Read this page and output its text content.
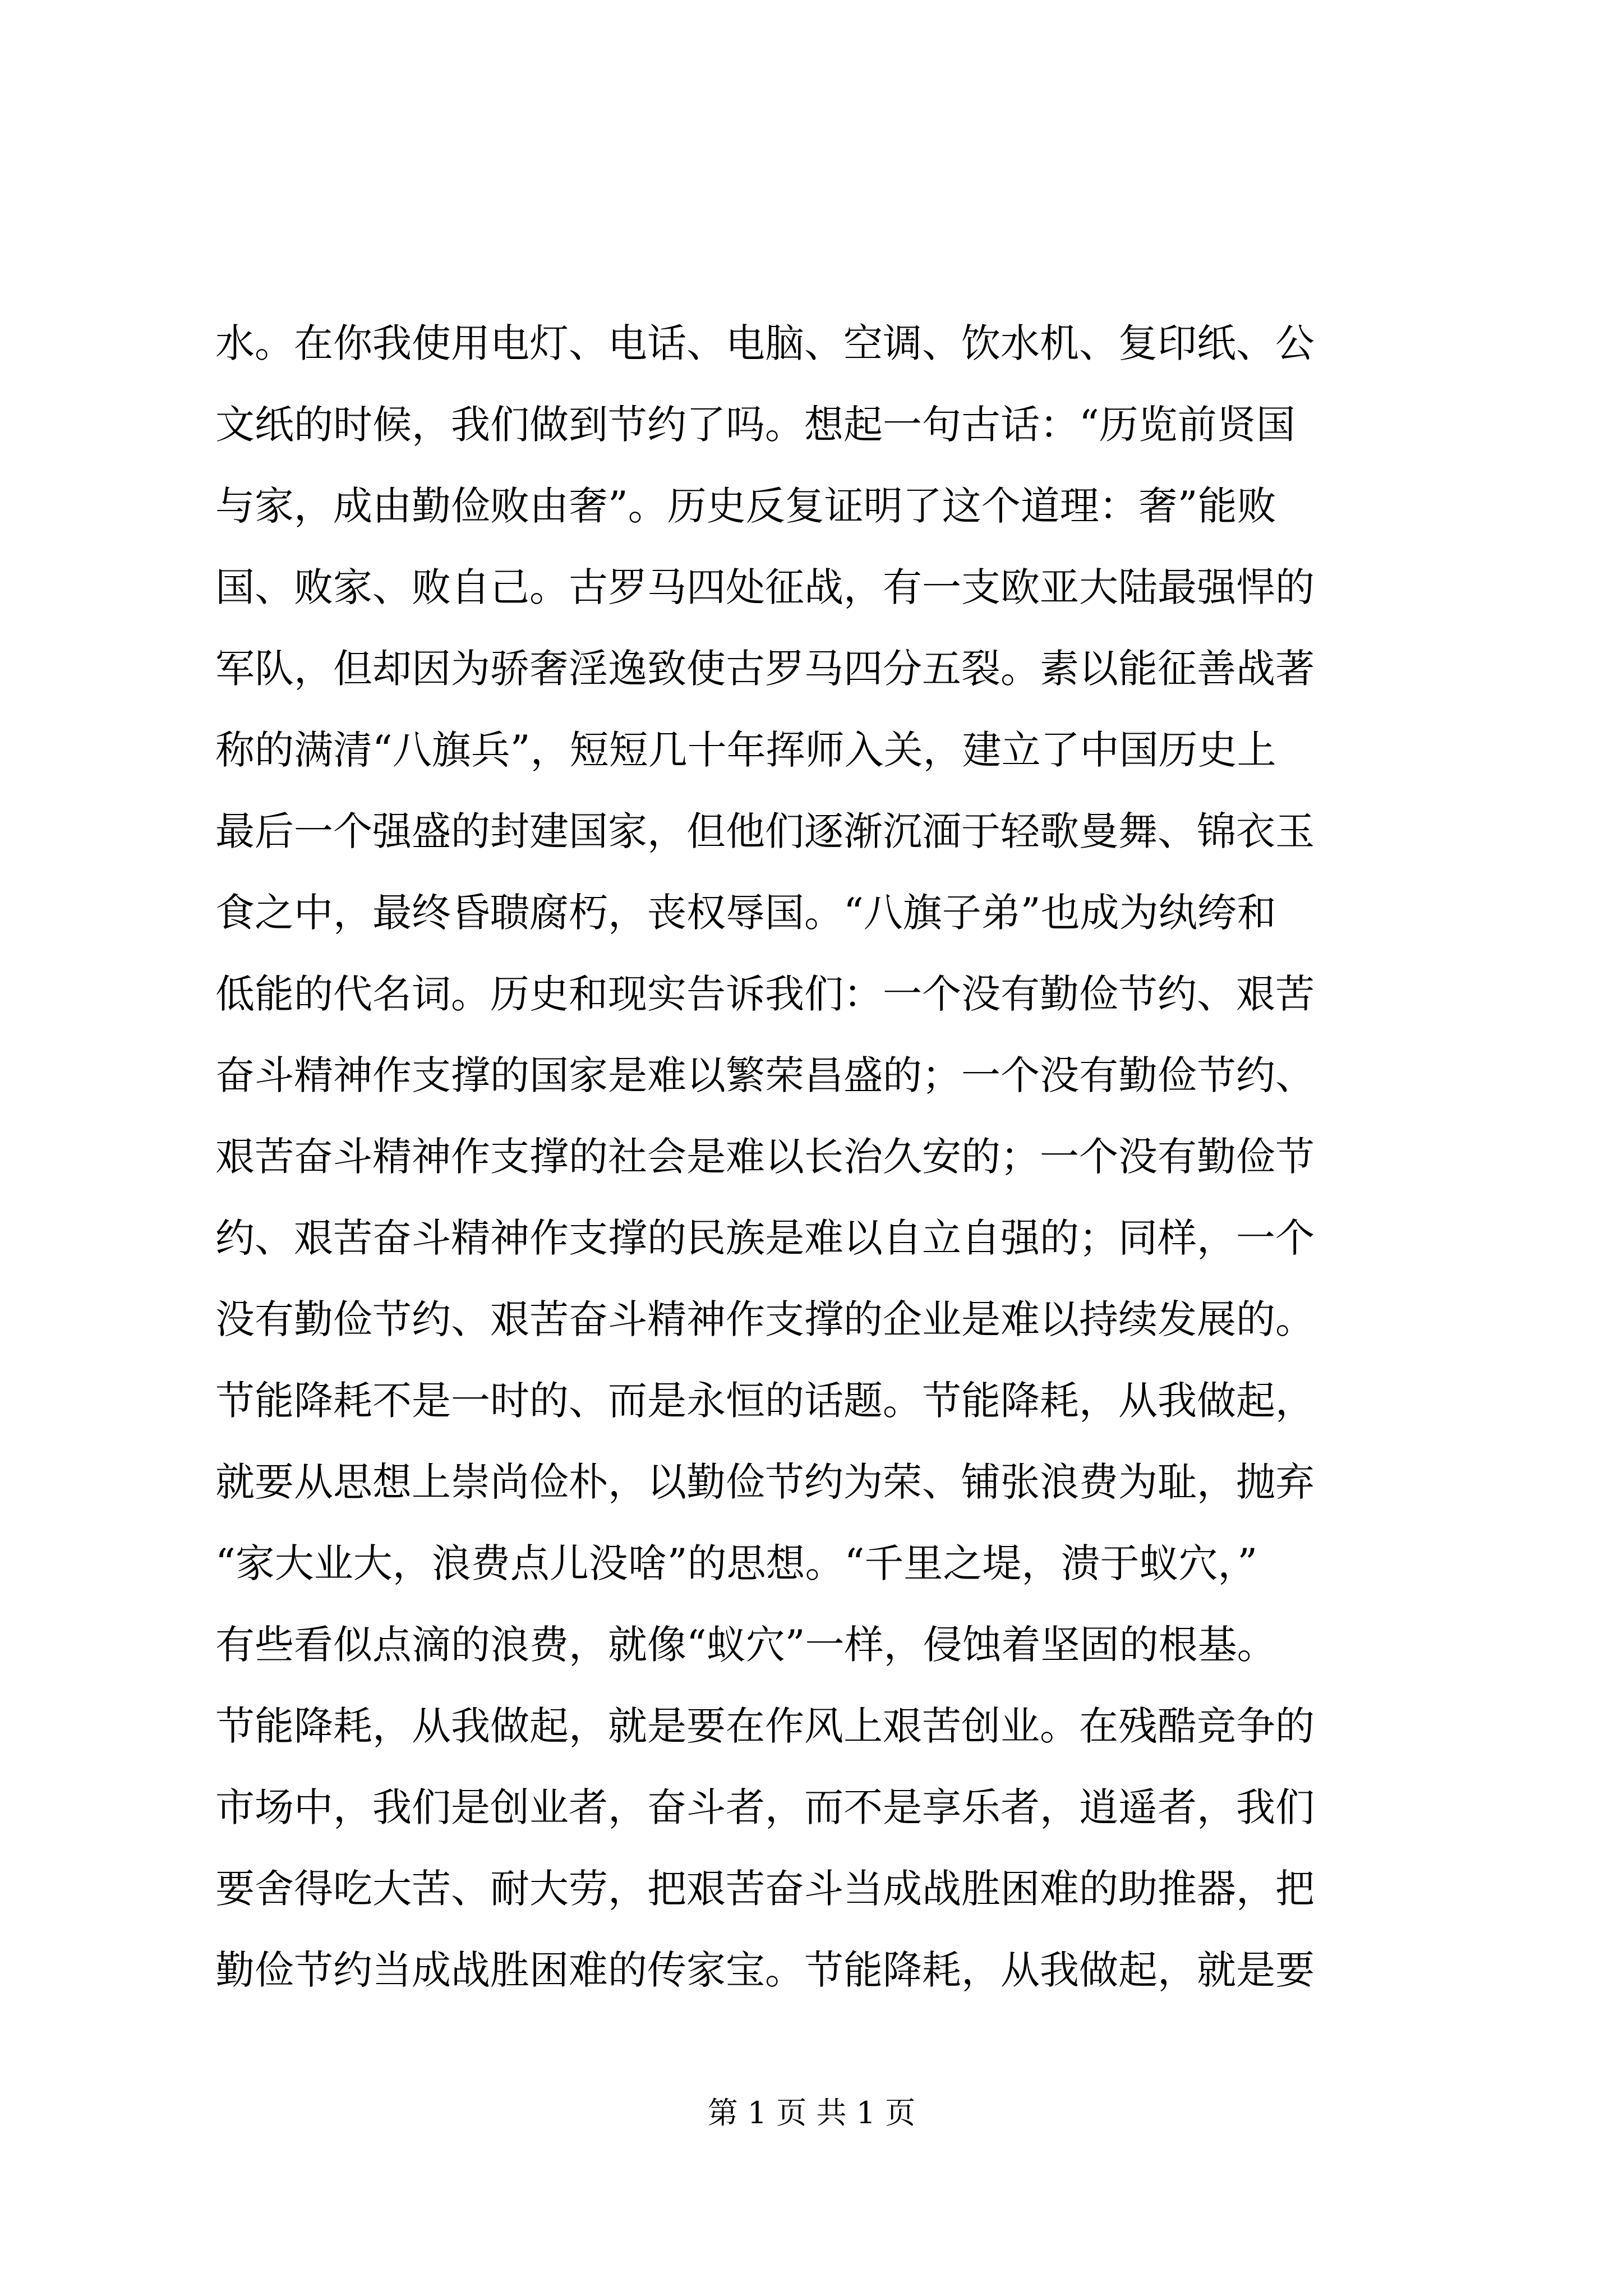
水。在你我使用电灯、电话、电脑、空调、饮水机、复印纸、公
文纸的时候，我们做到节约了吗。想起一句古话：“历览前贤国
与家，成由勤俭败由奢”。历史反复证明了这个道理：奢”能败
国、败家、败自己。古罗马四处征战，有一支欧亚大陆最强悍的
军队，但却因为骄奢淫逸致使古罗马四分五裂。素以能征善战著
称的满清“八旗兵”，短短几十年挥师入关，建立了中国历史上
最后一个强盛的封建国家，但他们逐渐沉湎于轻歌曼舞、锦衣玉
食之中，最终昏聩腐朽，丧权辱国。“八旗子弟”也成为纨绔和
低能的代名词。历史和现实告诉我们：一个没有勤俭节约、艰苦
奋斗精神作支撑的国家是难以繁荣昌盛的；一个没有勤俭节约、
艰苦奋斗精神作支撑的社会是难以长治久安的；一个没有勤俭节
约、艰苦奋斗精神作支撑的民族是难以自立自强的；同样，一个
没有勤俭节约、艰苦奋斗精神作支撑的企业是难以持续发展的。
节能降耗不是一时的、而是永恒的话题。节能降耗，从我做起，
就要从思想上崇尚俭朴，以勤俭节约为荣、铺张浪费为耻，抛弃
“家大业大，浪费点儿没啥”的思想。“千里之堤，溃于蚁穴，”
有些看似点滴的浪费，就像“蚁穴”一样，侵蚀着坚固的根基。
节能降耗，从我做起，就是要在作风上艰苦创业。在残酷竞争的
市场中，我们是创业者，奋斗者，而不是享乐者，逍遥者，我们
要舍得吃大苦、耐大劳，把艰苦奋斗当成战胜困难的助推器，把
勤俭节约当成战胜困难的传家宝。节能降耗，从我做起，就是要
第 1 页 共 1 页
